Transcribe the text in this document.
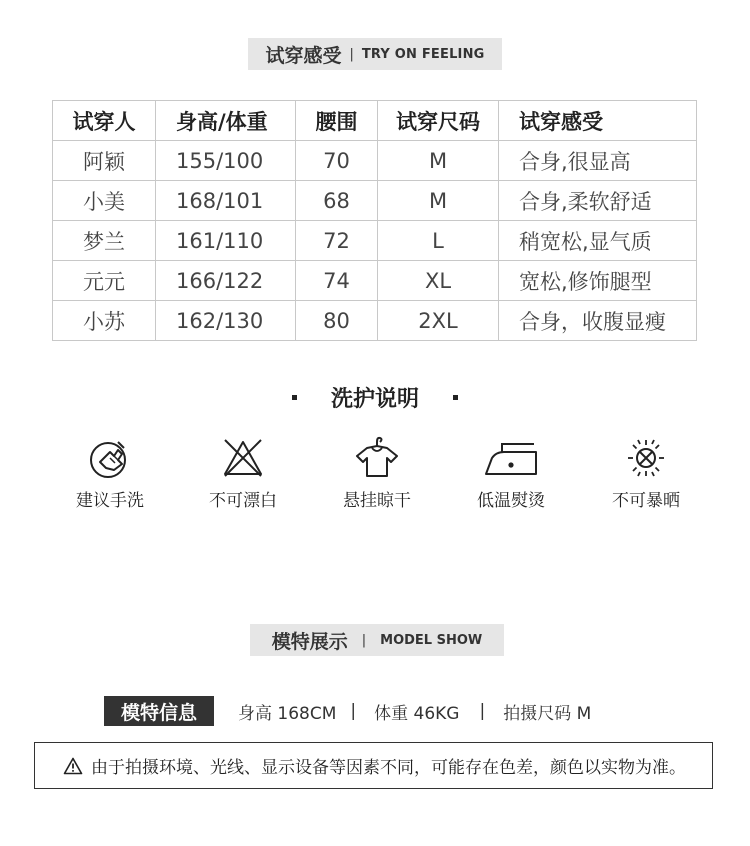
试穿感受 | TRY ON FEELING
试穿人	身高/体重	腰围	试穿尺码	试穿感受
阿颖	155/100	70	M	合身,很显高
小美	168/101	68	M	合身,柔软舒适
梦兰	161/110	72	L	稍宽松,显气质
元元	166/122	74	XL	宽松,修饰腿型
小苏	162/130	80	2XL	合身，收腹显瘦
洗护说明
建议手洗	不可漂白	悬挂晾干	低温熨烫	不可暴晒
模特展示 | MODEL SHOW
模特信息	身高 168CM | 体重 46KG | 拍摄尺码 M
由于拍摄环境、光线、显示设备等因素不同，可能存在色差，颜色以实物为准。
